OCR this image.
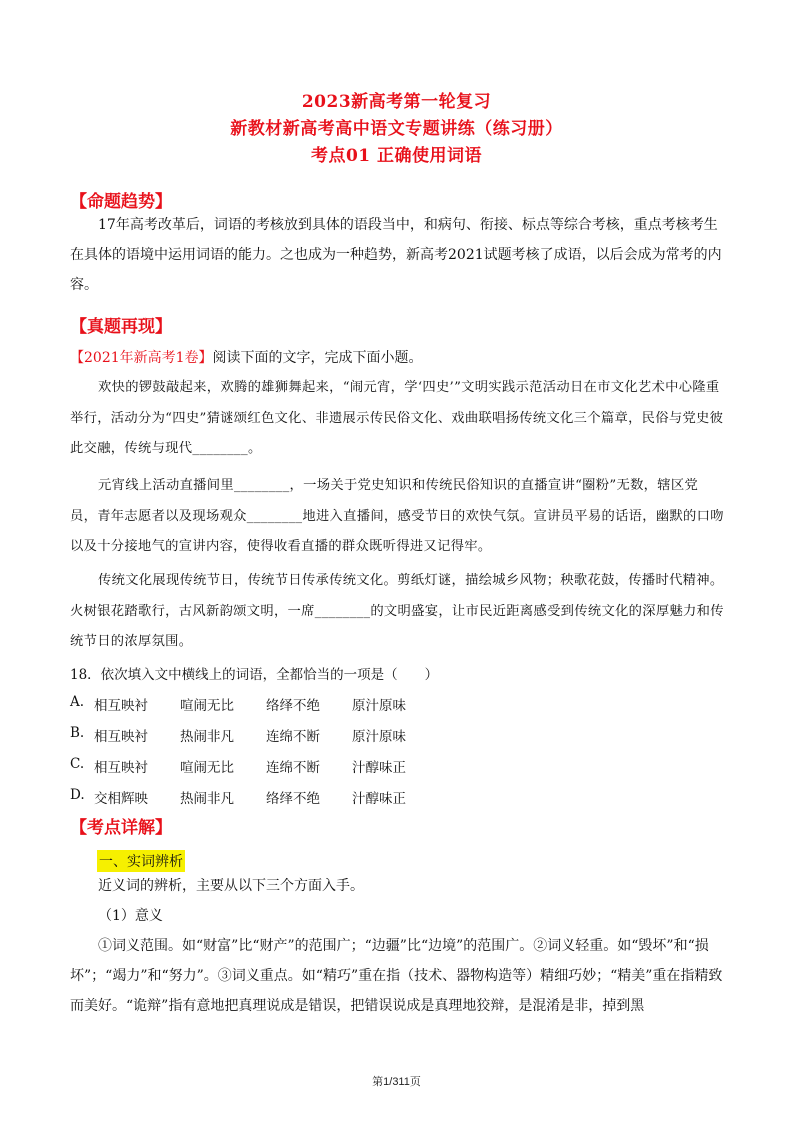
2023新高考第一轮复习
新教材新高考高中语文专题讲练（练习册）
考点01 正确使用词语
【命题趋势】
17年高考改革后，词语的考核放到具体的语段当中，和病句、衔接、标点等综合考核，重点考核考生在具体的语境中运用词语的能力。之也成为一种趋势，新高考2021试题考核了成语，以后会成为常考的内容。
【真题再现】
【2021年新高考1卷】阅读下面的文字，完成下面小题。
欢快的锣鼓敲起来，欢腾的雄狮舞起来，“闹元宵，学‘四史’”文明实践示范活动日在市文化艺术中心隆重举行，活动分为“四史”猜谜颂红色文化、非遗展示传民俗文化、戏曲联唱扬传统文化三个篇章，民俗与党史彼此交融，传统与现代________。
元宵线上活动直播间里________，一场关于党史知识和传统民俗知识的直播宣讲“圈粉”无数，辖区党员，青年志愿者以及现场观众________地进入直播间，感受节日的欢快气氛。宣讲员平易的话语，幽默的口吻以及十分接地气的宣讲内容，使得收看直播的群众既听得进又记得牢。
传统文化展现传统节日，传统节日传承传统文化。剪纸灯谜，描绘城乡风物；秧歌花鼓，传播时代精神。火树银花踏歌行，古风新韵颂文明，一席________的文明盛宴，让市民近距离感受到传统文化的深厚魅力和传统节日的浓厚氛围。
18．依次填入文中横线上的词语，全都恰当的一项是（　　）
A. 相互映衬	喧闹无比	络绎不绝	原汁原味
B. 相互映衬	热闹非凡	连绵不断	原汁原味
C. 相互映衬	喧闹无比	连绵不断	汁醇味正
D. 交相辉映	热闹非凡	络绎不绝	汁醇味正
【考点详解】
一、实词辨析
近义词的辨析，主要从以下三个方面入手。
（1）意义
①词义范围。如“财富”比“财产”的范围广；“边疆”比“边境”的范围广。②词义轻重。如“毁坏”和“损坏”；“竭力”和“努力”。③词义重点。如“精巧”重在指（技术、器物构造等）精细巧妙；“精美”重在指精致而美好。“诡辩”指有意地把真理说成是错误，把错误说成是真理地狡辩，是混淆是非，掉到黑
第1/311页
